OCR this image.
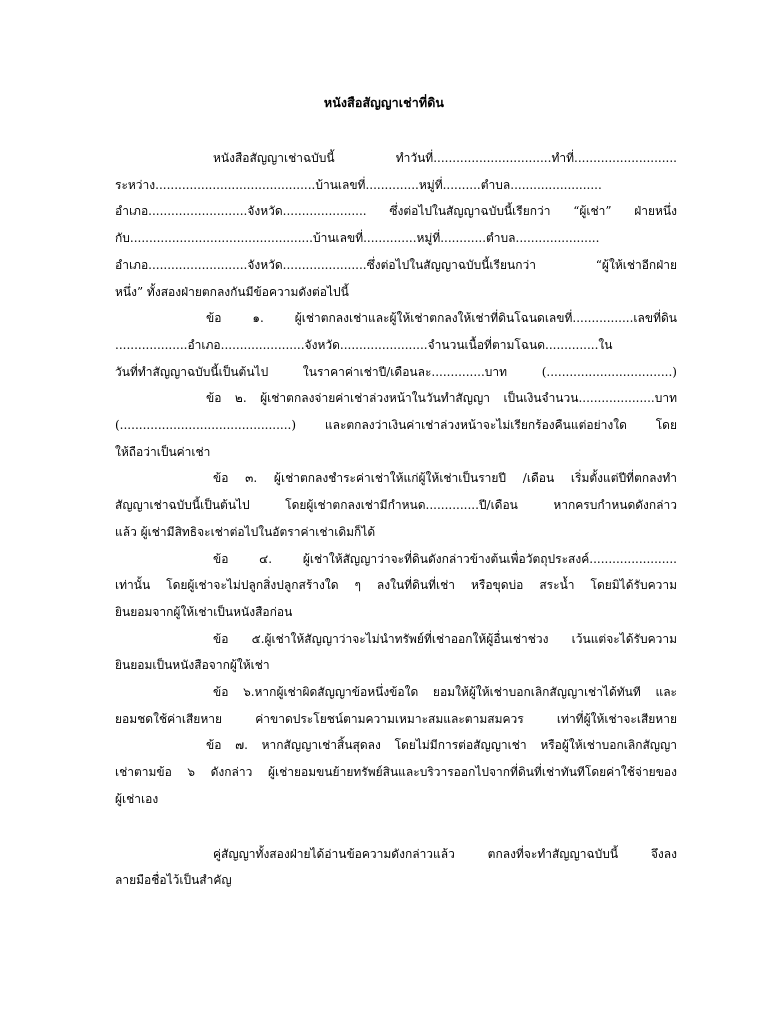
หนังสือสัญญาเช่าที่ดิน
หนังสือสัญญาเช่าฉบับนี้ ทำวันที่...............................ทำที่...........................
ระหว่าง..........................................บ้านเลขที่..............หมู่ที่..........ตำบล........................
อำเภอ..........................จังหวัด...................... ซึ่งต่อไปในสัญญาฉบับนี้เรียกว่า “ผู้เช่า” ฝ่ายหนึ่ง
กับ................................................บ้านเลขที่..............หมู่ที่............ตำบล......................
อำเภอ..........................จังหวัด......................ซึ่งต่อไปในสัญญาฉบับนี้เรียนกว่า “ผู้ให้เช่าอีกฝ่าย
หนึ่ง” ทั้งสองฝ่ายตกลงกันมีข้อความดังต่อไปนี้
ข้อ ๑. ผู้เช่าตกลงเช่าและผู้ให้เช่าตกลงให้เช่าที่ดินโฉนดเลขที่................เลขที่ดิน
...................อำเภอ......................จังหวัด.......................จำนวนเนื้อที่ตามโฉนด..............ใน
วันที่ทำสัญญาฉบับนี้เป็นต้นไป ในราคาค่าเช่าปี/เดือนละ..............บาท (.................................)
ข้อ ๒. ผู้เช่าตกลงจ่ายค่าเช่าล่วงหน้าในวันทำสัญญา เป็นเงินจำนวน....................บาท
(.............................................) และตกลงว่าเงินค่าเช่าล่วงหน้าจะไม่เรียกร้องคืนแต่อย่างใด โดย
ให้ถือว่าเป็นค่าเช่า
ข้อ ๓. ผู้เช่าตกลงชำระค่าเช่าให้แก่ผู้ให้เช่าเป็นรายปี /เดือน เริ่มตั้งแต่ปีที่ตกลงทำ
สัญญาเช่าฉบับนี้เป็นต้นไป โดยผู้เช่าตกลงเช่ามีกำหนด..............ปี/เดือน หากครบกำหนดดังกล่าว
แล้ว ผู้เช่ามีสิทธิจะเช่าต่อไปในอัตราค่าเช่าเดิมก็ได้
ข้อ ๔. ผู้เช่าให้สัญญาว่าจะที่ดินดังกล่าวข้างต้นเพื่อวัตถุประสงค์.......................
เท่านั้น โดยผู้เช่าจะไม่ปลูกสิ่งปลูกสร้างใด ๆ ลงในที่ดินที่เช่า หรือขุดบ่อ สระน้ำ โดยมิได้รับความ
ยินยอมจากผู้ให้เช่าเป็นหนังสือก่อน
ข้อ ๕.ผู้เช่าให้สัญญาว่าจะไม่นำทรัพย์ที่เช่าออกให้ผู้อื่นเช่าช่วง เว้นแต่จะได้รับความ
ยินยอมเป็นหนังสือจากผู้ให้เช่า
ข้อ ๖.หากผู้เช่าผิดสัญญาข้อหนึ่งข้อใด ยอมให้ผู้ให้เช่าบอกเลิกสัญญาเช่าได้ทันที และ
ยอมชดใช้ค่าเสียหาย ค่าขาดประโยชน์ตามความเหมาะสมและตามสมควร เท่าที่ผู้ให้เช่าจะเสียหาย
ข้อ ๗. หากสัญญาเช่าสิ้นสุดลง โดยไม่มีการต่อสัญญาเช่า หรือผู้ให้เช่าบอกเลิกสัญญา
เช่าตามข้อ ๖ ดังกล่าว ผู้เช่ายอมขนย้ายทรัพย์สินและบริวารออกไปจากที่ดินที่เช่าทันทีโดยค่าใช้จ่ายของ
ผู้เช่าเอง
คู่สัญญาทั้งสองฝ่ายได้อ่านข้อความดังกล่าวแล้ว ตกลงที่จะทำสัญญาฉบับนี้ จึงลง
ลายมือชื่อไว้เป็นสำคัญ
